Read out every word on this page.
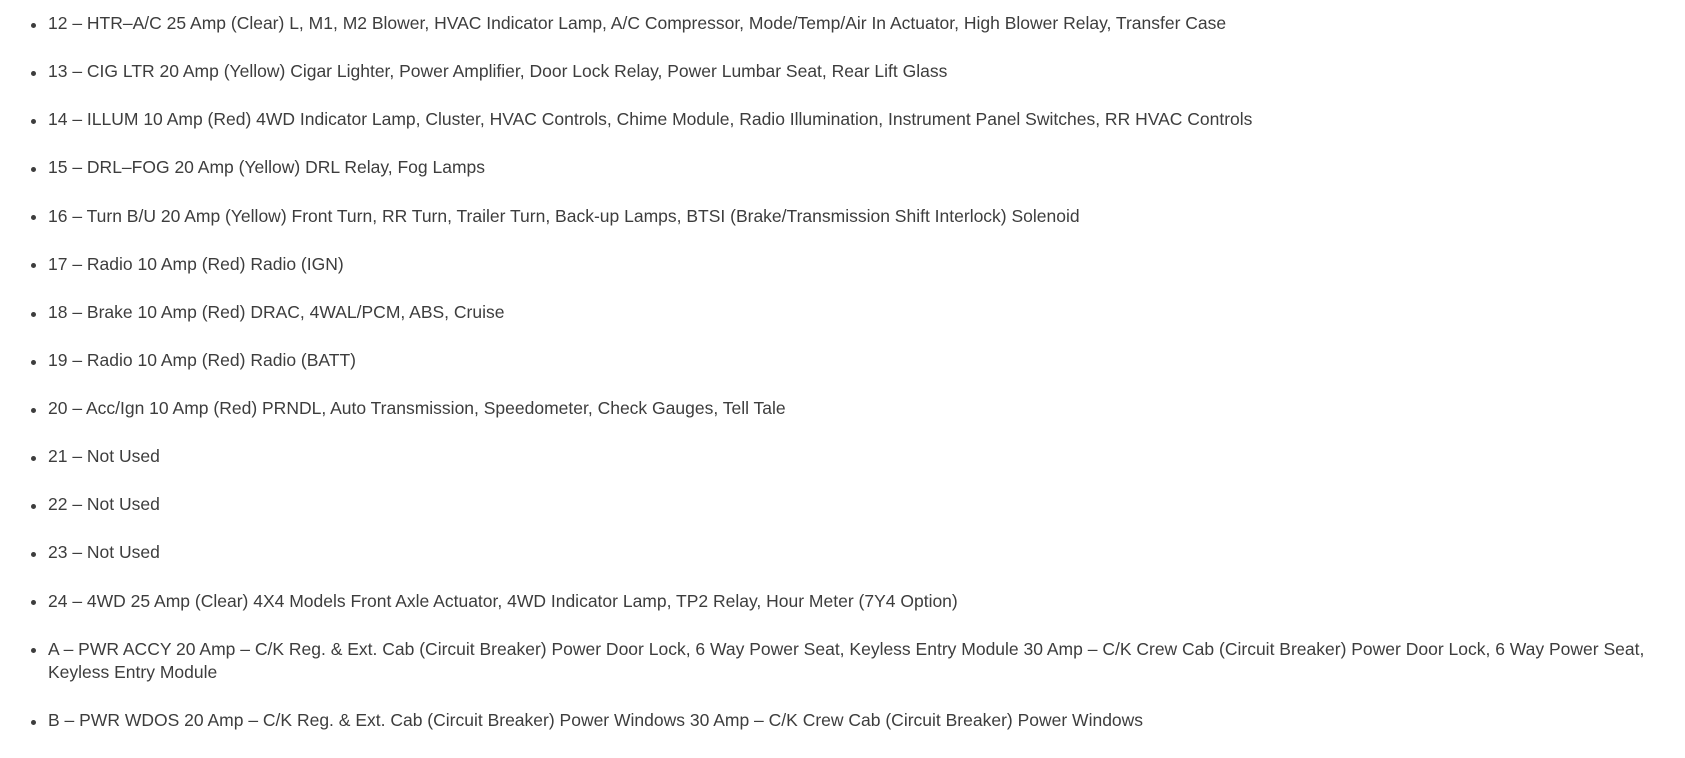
12 – HTR–A/C 25 Amp (Clear) L, M1, M2 Blower, HVAC Indicator Lamp, A/C Compressor, Mode/Temp/Air In Actuator, High Blower Relay, Transfer Case
13 – CIG LTR 20 Amp (Yellow) Cigar Lighter, Power Amplifier, Door Lock Relay, Power Lumbar Seat, Rear Lift Glass
14 – ILLUM 10 Amp (Red) 4WD Indicator Lamp, Cluster, HVAC Controls, Chime Module, Radio Illumination, Instrument Panel Switches, RR HVAC Controls
15 – DRL–FOG 20 Amp (Yellow) DRL Relay, Fog Lamps
16 – Turn B/U 20 Amp (Yellow) Front Turn, RR Turn, Trailer Turn, Back-up Lamps, BTSI (Brake/Transmission Shift Interlock) Solenoid
17 – Radio 10 Amp (Red) Radio (IGN)
18 – Brake 10 Amp (Red) DRAC, 4WAL/PCM, ABS, Cruise
19 – Radio 10 Amp (Red) Radio (BATT)
20 – Acc/Ign 10 Amp (Red) PRNDL, Auto Transmission, Speedometer, Check Gauges, Tell Tale
21 – Not Used
22 – Not Used
23 – Not Used
24 – 4WD 25 Amp (Clear) 4X4 Models Front Axle Actuator, 4WD Indicator Lamp, TP2 Relay, Hour Meter (7Y4 Option)
A – PWR ACCY 20 Amp – C/K Reg. & Ext. Cab (Circuit Breaker) Power Door Lock, 6 Way Power Seat, Keyless Entry Module 30 Amp – C/K Crew Cab (Circuit Breaker) Power Door Lock, 6 Way Power Seat, Keyless Entry Module
B – PWR WDOS 20 Amp – C/K Reg. & Ext. Cab (Circuit Breaker) Power Windows 30 Amp – C/K Crew Cab (Circuit Breaker) Power Windows
